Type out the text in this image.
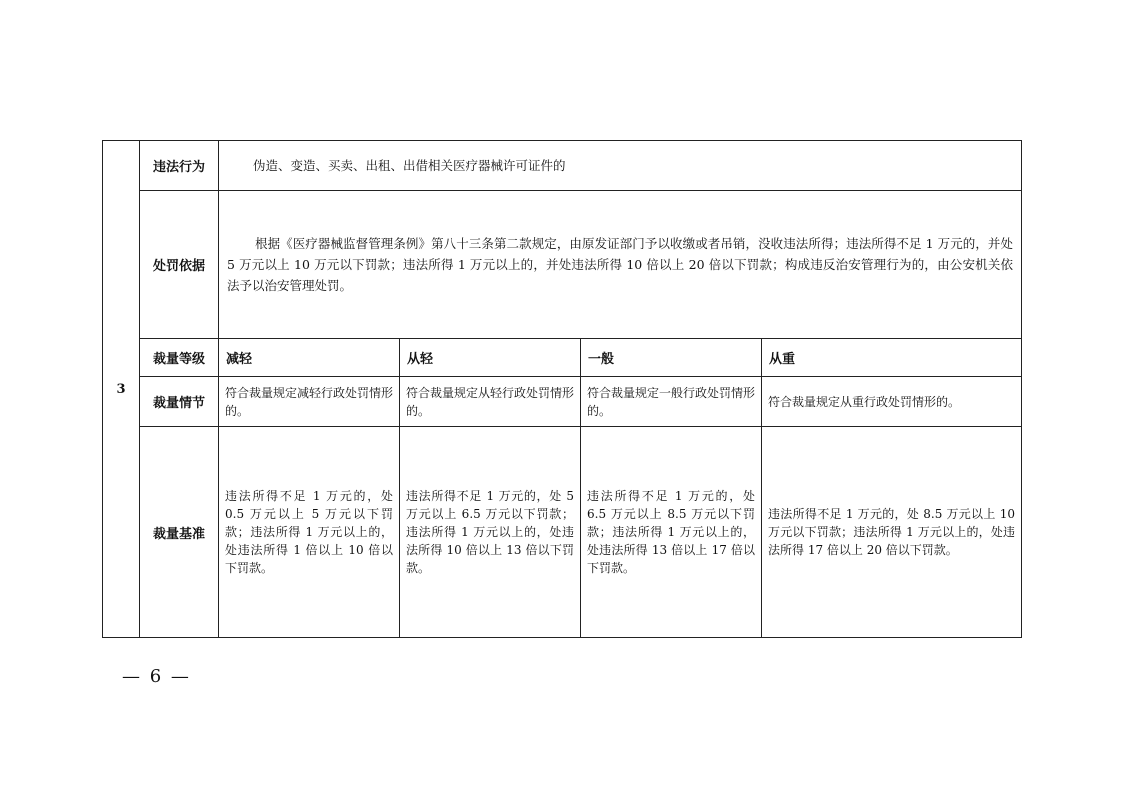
3	违法行为	伪造、变造、买卖、出租、出借相关医疗器械许可证件的			
	处罚依据	根据《医疗器械监督管理条例》第八十三条第二款规定，由原发证部门予以收缴或者吊销，没收违法所得；违法所得不足 1 万元的，并处 5 万元以上 10 万元以下罚款；违法所得 1 万元以上的，并处违法所得 10 倍以上 20 倍以下罚款；构成违反治安管理行为的，由公安机关依法予以治安管理处罚。			
	裁量等级	减轻	从轻	一般	从重
	裁量情节	符合裁量规定减轻行政处罚情形的。	符合裁量规定从轻行政处罚情形的。	符合裁量规定一般行政处罚情形的。	符合裁量规定从重行政处罚情形的。
	裁量基准	违法所得不足 1 万元的，处 0.5 万元以上 5 万元以下罚款；违法所得 1 万元以上的，处违法所得 1 倍以上 10 倍以下罚款。	违法所得不足 1 万元的，处 5 万元以上 6.5 万元以下罚款；违法所得 1 万元以上的，处违法所得 10 倍以上 13 倍以下罚款。	违法所得不足 1 万元的，处 6.5 万元以上 8.5 万元以下罚款；违法所得 1 万元以上的，处违法所得 13 倍以上 17 倍以下罚款。	违法所得不足 1 万元的，处 8.5 万元以上 10 万元以下罚款；违法所得 1 万元以上的，处违法所得 17 倍以上 20 倍以下罚款。
— 6 —
